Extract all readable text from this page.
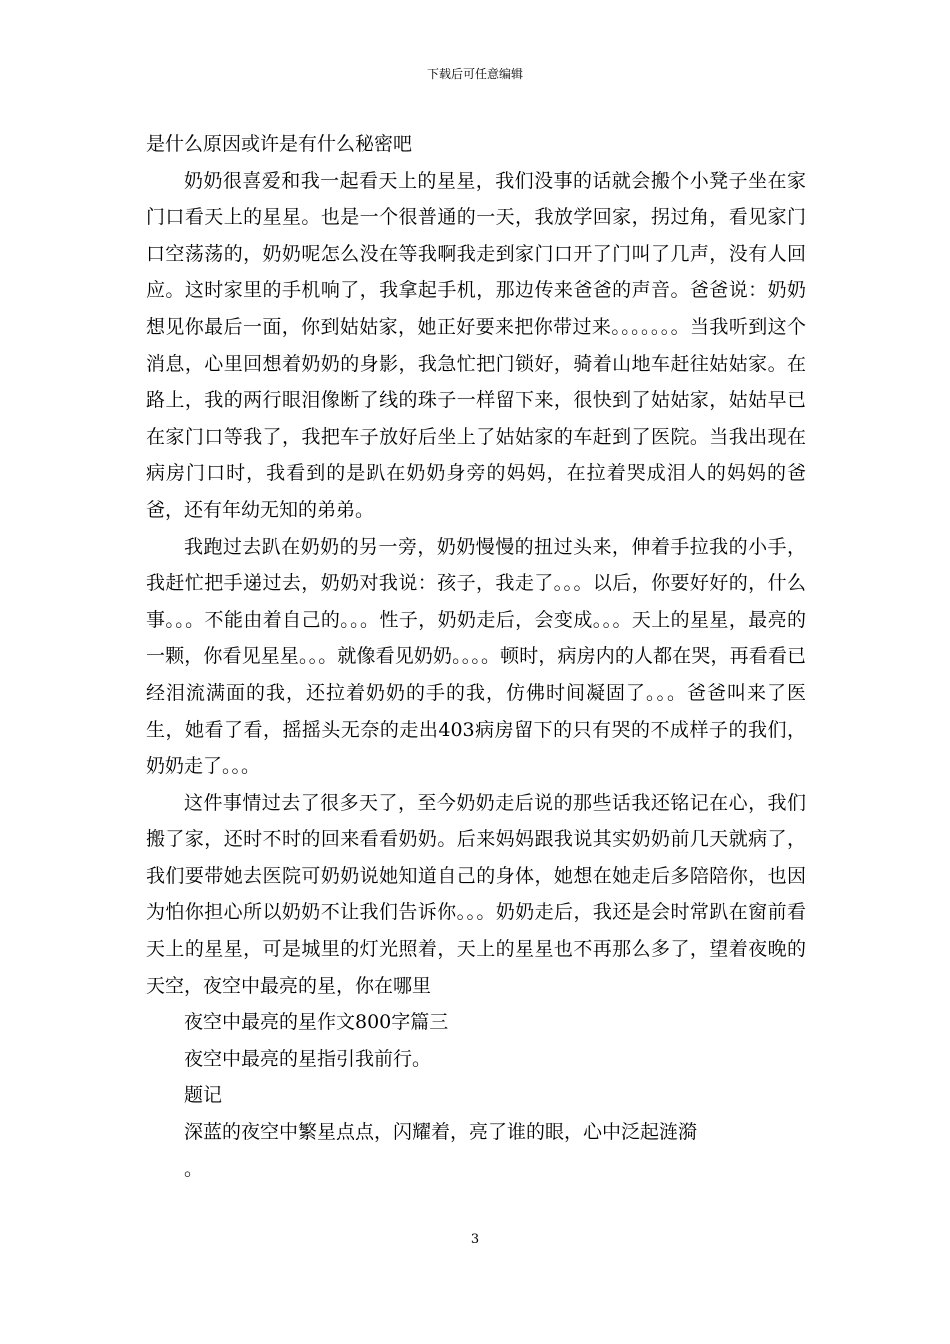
下载后可任意编辑

是什么原因或许是有什么秘密吧

奶奶很喜爱和我一起看天上的星星，我们没事的话就会搬个小凳子坐在家门口看天上的星星。也是一个很普通的一天，我放学回家，拐过角，看见家门口空荡荡的，奶奶呢怎么没在等我啊我走到家门口开了门叫了几声，没有人回应。这时家里的手机响了，我拿起手机，那边传来爸爸的声音。爸爸说：奶奶想见你最后一面，你到姑姑家，她正好要来把你带过来。。。。。。。当我听到这个消息，心里回想着奶奶的身影，我急忙把门锁好，骑着山地车赶往姑姑家。在路上，我的两行眼泪像断了线的珠子一样留下来，很快到了姑姑家，姑姑早已在家门口等我了，我把车子放好后坐上了姑姑家的车赶到了医院。当我出现在病房门口时，我看到的是趴在奶奶身旁的妈妈，在拉着哭成泪人的妈妈的爸爸，还有年幼无知的弟弟。

我跑过去趴在奶奶的另一旁，奶奶慢慢的扭过头来，伸着手拉我的小手，我赶忙把手递过去，奶奶对我说：孩子，我走了。。。以后，你要好好的，什么事。。。不能由着自己的。。。性子，奶奶走后，会变成。。。天上的星星，最亮的一颗，你看见星星。。。就像看见奶奶。。。。顿时，病房内的人都在哭，再看看已经泪流满面的我，还拉着奶奶的手的我，仿佛时间凝固了。。。爸爸叫来了医生，她看了看，摇摇头无奈的走出403病房留下的只有哭的不成样子的我们，奶奶走了。。。

这件事情过去了很多天了，至今奶奶走后说的那些话我还铭记在心，我们搬了家，还时不时的回来看看奶奶。后来妈妈跟我说其实奶奶前几天就病了，我们要带她去医院可奶奶说她知道自己的身体，她想在她走后多陪陪你，也因为怕你担心所以奶奶不让我们告诉你。。。奶奶走后，我还是会时常趴在窗前看天上的星星，可是城里的灯光照着，天上的星星也不再那么多了，望着夜晚的天空，夜空中最亮的星，你在哪里

夜空中最亮的星作文800字篇三

夜空中最亮的星指引我前行。

题记

深蓝的夜空中繁星点点，闪耀着，亮了谁的眼，心中泛起涟漪

。

3
